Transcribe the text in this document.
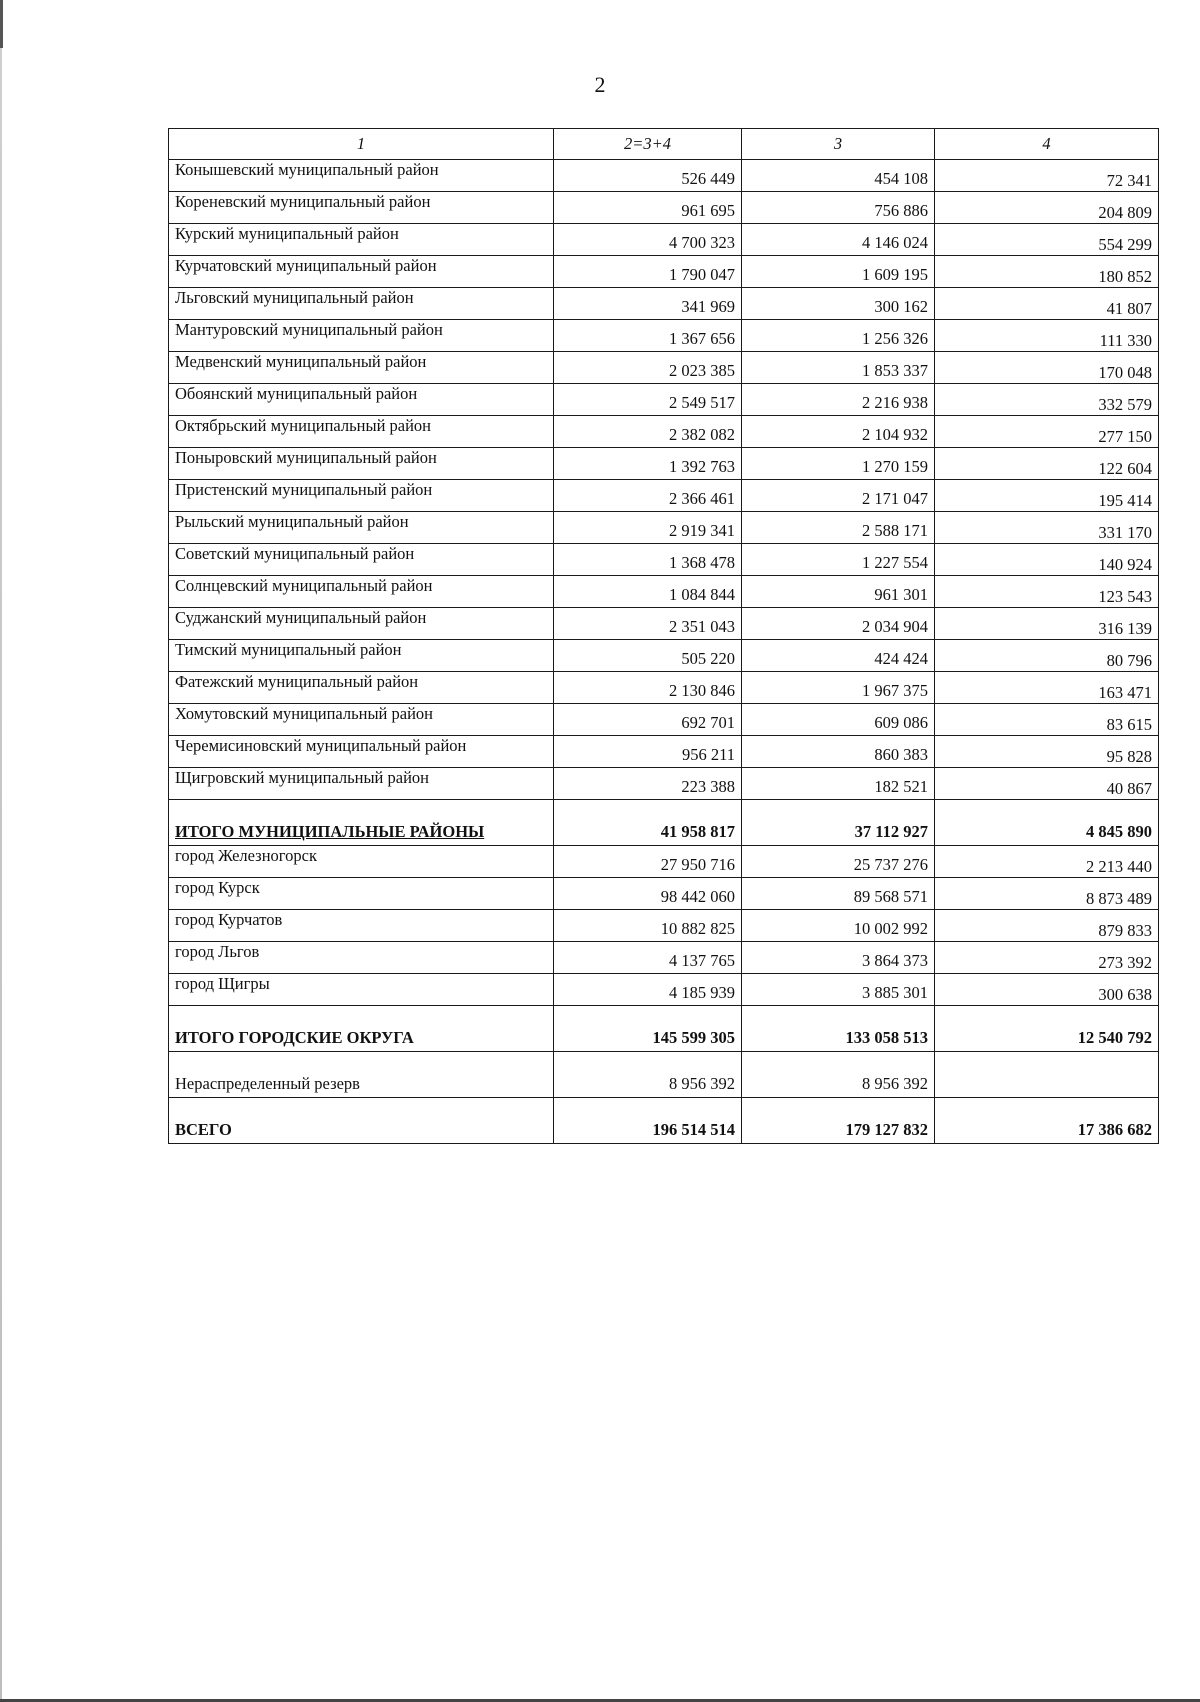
2
1	2=3+4	3	4
Конышевский муниципальный район	526 449	454 108	72 341
Кореневский муниципальный район	961 695	756 886	204 809
Курский муниципальный район	4 700 323	4 146 024	554 299
Курчатовский муниципальный район	1 790 047	1 609 195	180 852
Льговский муниципальный район	341 969	300 162	41 807
Мантуровский муниципальный район	1 367 656	1 256 326	111 330
Медвенский муниципальный район	2 023 385	1 853 337	170 048
Обоянский муниципальный район	2 549 517	2 216 938	332 579
Октябрьский муниципальный район	2 382 082	2 104 932	277 150
Поныровский муниципальный район	1 392 763	1 270 159	122 604
Пристенский муниципальный район	2 366 461	2 171 047	195 414
Рыльский муниципальный район	2 919 341	2 588 171	331 170
Советский муниципальный район	1 368 478	1 227 554	140 924
Солнцевский муниципальный район	1 084 844	961 301	123 543
Суджанский муниципальный район	2 351 043	2 034 904	316 139
Тимский муниципальный район	505 220	424 424	80 796
Фатежский муниципальный район	2 130 846	1 967 375	163 471
Хомутовский муниципальный район	692 701	609 086	83 615
Черемисиновский муниципальный район	956 211	860 383	95 828
Щигровский муниципальный район	223 388	182 521	40 867
ИТОГО МУНИЦИПАЛЬНЫЕ РАЙОНЫ	41 958 817	37 112 927	4 845 890
город Железногорск	27 950 716	25 737 276	2 213 440
город Курск	98 442 060	89 568 571	8 873 489
город Курчатов	10 882 825	10 002 992	879 833
город Льгов	4 137 765	3 864 373	273 392
город Щигры	4 185 939	3 885 301	300 638
ИТОГО ГОРОДСКИЕ ОКРУГА	145 599 305	133 058 513	12 540 792
Нераспределенный резерв	8 956 392	8 956 392	
ВСЕГО	196 514 514	179 127 832	17 386 682
